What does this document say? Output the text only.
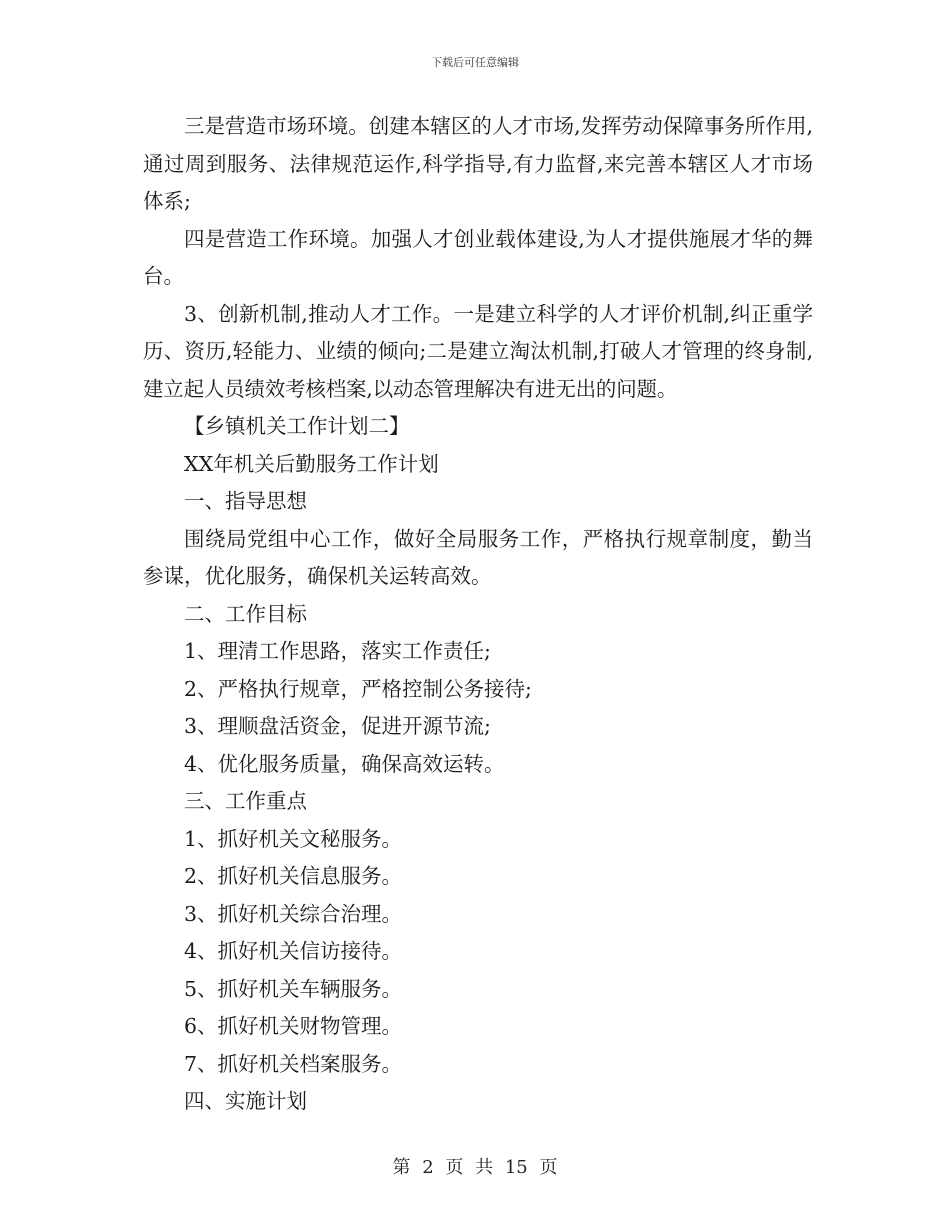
下载后可任意编辑

三是营造市场环境。创建本辖区的人才市场,发挥劳动保障事务所作用,通过周到服务、法律规范运作,科学指导,有力监督,来完善本辖区人才市场体系;

四是营造工作环境。加强人才创业载体建设,为人才提供施展才华的舞台。

3、创新机制,推动人才工作。一是建立科学的人才评价机制,纠正重学历、资历,轻能力、业绩的倾向;二是建立淘汰机制,打破人才管理的终身制,建立起人员绩效考核档案,以动态管理解决有进无出的问题。

【乡镇机关工作计划二】

XX年机关后勤服务工作计划

一、指导思想

围绕局党组中心工作，做好全局服务工作，严格执行规章制度，勤当参谋，优化服务，确保机关运转高效。

二、工作目标

1、理清工作思路，落实工作责任;

2、严格执行规章，严格控制公务接待;

3、理顺盘活资金，促进开源节流;

4、优化服务质量，确保高效运转。

三、工作重点

1、抓好机关文秘服务。

2、抓好机关信息服务。

3、抓好机关综合治理。

4、抓好机关信访接待。

5、抓好机关车辆服务。

6、抓好机关财物管理。

7、抓好机关档案服务。

四、实施计划

第 2 页 共 15 页
